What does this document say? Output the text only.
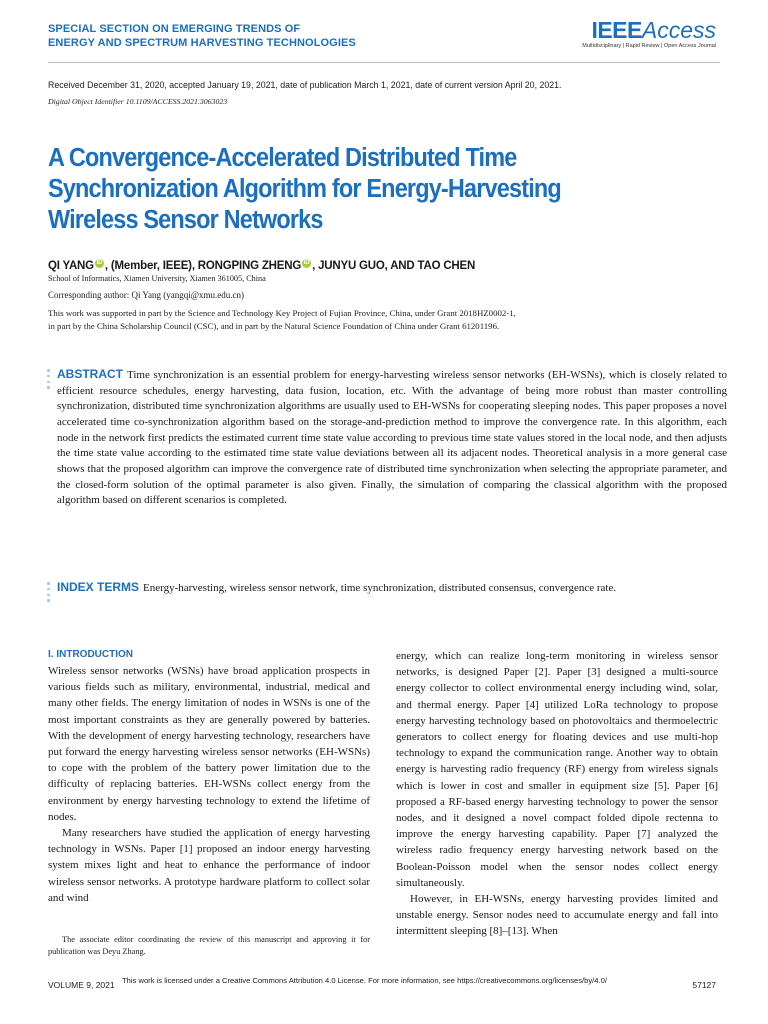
SPECIAL SECTION ON EMERGING TRENDS OF
ENERGY AND SPECTRUM HARVESTING TECHNOLOGIES	IEEEAccess
Multidisciplinary | Rapid Review | Open Access Journal
Received December 31, 2020, accepted January 19, 2021, date of publication March 1, 2021, date of current version April 20, 2021.
Digital Object Identifier 10.1109/ACCESS.2021.3063023
A Convergence-Accelerated Distributed Time
Synchronization Algorithm for Energy-Harvesting
Wireless Sensor Networks
QI YANG iD , (Member, IEEE), RONGPING ZHENG iD , JUNYU GUO, AND TAO CHEN
School of Informatics, Xiamen University, Xiamen 361005, China
Corresponding author: Qi Yang (yangqi@xmu.edu.cn)
This work was supported in part by the Science and Technology Key Project of Fujian Province, China, under Grant 2018HZ0002-1,
in part by the China Scholarship Council (CSC), and in part by the Natural Science Foundation of China under Grant 61201196.
ABSTRACT Time synchronization is an essential problem for energy-harvesting wireless sensor networks (EH-WSNs), which is closely related to efficient resource schedules, energy harvesting, data fusion, location, etc. With the advantage of being more robust than master controlling synchronization, distributed time synchronization algorithms are usually used to EH-WSNs for cooperating sleeping nodes. This paper proposes a novel accelerated time co-synchronization algorithm based on the storage-and-prediction method to improve the convergence rate. In this algorithm, each node in the network first predicts the estimated current time state value according to previous time state values stored in the local node, and then adjusts the time state value according to the estimated time state value deviations between all its adjacent nodes. Theoretical analysis in a more general case shows that the proposed algorithm can improve the convergence rate of distributed time synchronization when selecting the appropriate parameter, and the closed-form solution of the optimal parameter is also given. Finally, the simulation of comparing the classical algorithm with the proposed algorithm based on different scenarios is completed.
INDEX TERMS Energy-harvesting, wireless sensor network, time synchronization, distributed consensus, convergence rate.
I. INTRODUCTION

Wireless sensor networks (WSNs) have broad application prospects in various fields such as military, environmental, industrial, medical and many other fields. The energy limitation of nodes in WSNs is one of the most important constraints as they are generally powered by batteries. With the development of energy harvesting technology, researchers have put forward the energy harvesting wireless sensor networks (EH-WSNs) to cope with the problem of the battery power limitation due to the difficulty of replacing batteries. EH-WSNs collect energy from the environment by energy harvesting technology to extend the lifetime of nodes.

Many researchers have studied the application of energy harvesting technology in WSNs. Paper [1] proposed an indoor energy harvesting system mixes light and heat to enhance the performance of indoor wireless sensor networks. A prototype hardware platform to collect solar and wind

energy, which can realize long-term monitoring in wireless sensor networks, is designed Paper [2]. Paper [3] designed a multi-source energy collector to collect environmental energy including wind, solar, and thermal energy. Paper [4] utilized LoRa technology to propose energy harvesting technology based on photovoltaics and thermoelectric generators to collect energy for floating devices and use multi-hop technology to expand the communication range. Another way to obtain energy is harvesting radio frequency (RF) energy from wireless signals which is lower in cost and smaller in equipment size [5]. Paper [6] proposed a RF-based energy harvesting technology to power the sensor nodes, and it designed a novel compact folded dipole rectenna to improve the energy harvesting capability. Paper [7] analyzed the wireless radio frequency energy harvesting network based on the Boolean-Poisson model when the sensor nodes collect energy simultaneously.

However, in EH-WSNs, energy harvesting provides limited and unstable energy. Sensor nodes need to accumulate energy and fall into intermittent sleeping [8]–[13]. When

The associate editor coordinating the review of this manuscript and approving it for publication was Deyu Zhang.
VOLUME 9, 2021 This work is licensed under a Creative Commons Attribution 4.0 License. For more information, see https://creativecommons.org/licenses/by/4.0/	57127
